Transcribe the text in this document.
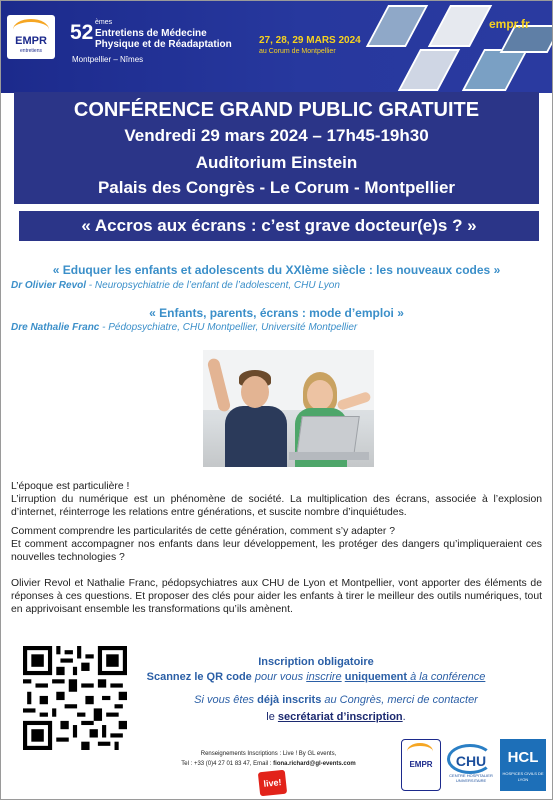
EMPR
entretiens
52 èmes
Entretiens de Médecine
Physique et de Réadaptation
Montpellier – Nîmes
27, 28, 29 MARS 2024
au Corum de Montpellier
empr.fr
CONFÉRENCE GRAND PUBLIC GRATUITE
Vendredi 29 mars 2024 – 17h45-19h30
Auditorium Einstein
Palais des Congrès - Le Corum - Montpellier
« Accros aux écrans : c’est grave docteur(e)s ? »
« Eduquer les enfants et adolescents du XXIème siècle : les nouveaux codes »
Dr Olivier Revol - Neuropsychiatrie de l’enfant de l’adolescent, CHU Lyon
« Enfants, parents, écrans : mode d’emploi »
Dre Nathalie Franc - Pédopsychiatre, CHU Montpellier, Université Montpellier
L’époque est particulière !
L’irruption du numérique est un phénomène de société. La multiplication des écrans, associée à l’explosion d’internet, réinterroge les relations entre générations, et suscite nombre d’inquiétudes.
Comment comprendre les particularités de cette génération, comment s’y adapter ?
Et comment accompagner nos enfants dans leur développement, les protéger des dangers qu’impliqueraient ces nouvelles technologies ?
Olivier Revol et Nathalie Franc, pédopsychiatres aux CHU de Lyon et Montpellier, vont apporter des éléments de réponses à ces questions. Et proposer des clés pour aider les enfants à tirer le meilleur des outils numériques, tout en apprivoisant ensemble les transformations qu’ils amènent.
Inscription obligatoire
Scannez le QR code pour vous inscrire uniquement à la conférence
Si vous êtes déjà inscrits au Congrès, merci de contacter
le secrétariat d’inscription.
Renseignements Inscriptions : Live ! By GL events,
Tel : +33 (0)4 27 01 83 47, Email : fiona.richard@gl-events.com
live!
EMPR	CHU
CENTRE HOSPITALIER UNIVERSITAIRE
HCL
HOSPICES CIVILS DE LYON
